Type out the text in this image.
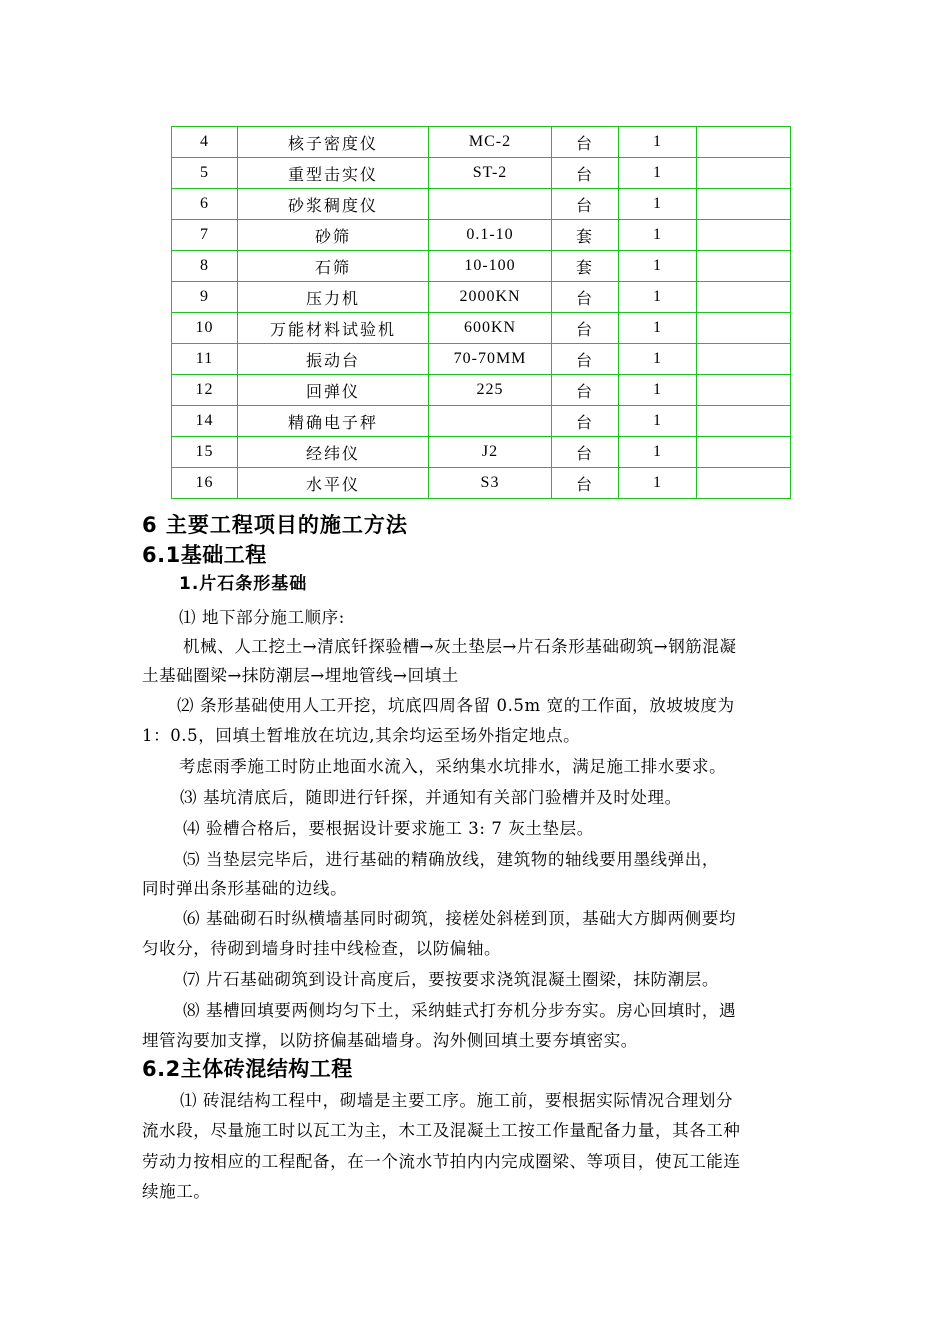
4	核子密度仪	MC-2	台	1	
5	重型击实仪	ST-2	台	1	
6	砂浆稠度仪		台	1	
7	砂筛	0.1-10	套	1	
8	石筛	10-100	套	1	
9	压力机	2000KN	台	1	
10	万能材料试验机	600KN	台	1	
11	振动台	70-70MM	台	1	
12	回弹仪	225	台	1	
14	精确电子秤		台	1	
15	经纬仪	J2	台	1	
16	水平仪	S3	台	1	
6 主要工程项目的施工方法
6.1基础工程
1.片石条形基础
⑴ 地下部分施工顺序:
机械、人工挖土→清底钎探验槽→灰土垫层→片石条形基础砌筑→钢筋混凝
土基础圈梁→抹防潮层→埋地管线→回填土
⑵ 条形基础使用人工开挖，坑底四周各留 0.5m 宽的工作面，放坡坡度为
1：0.5，回填土暂堆放在坑边,其余均运至场外指定地点。
考虑雨季施工时防止地面水流入，采纳集水坑排水，满足施工排水要求。
⑶ 基坑清底后，随即进行钎探，并通知有关部门验槽并及时处理。
⑷ 验槽合格后，要根据设计要求施工 3: 7 灰土垫层。
⑸ 当垫层完毕后，进行基础的精确放线，建筑物的轴线要用墨线弹出，
同时弹出条形基础的边线。
⑹ 基础砌石时纵横墙基同时砌筑，接槎处斜槎到顶，基础大方脚两侧要均
匀收分，待砌到墙身时挂中线检查，以防偏轴。
⑺ 片石基础砌筑到设计高度后，要按要求浇筑混凝土圈梁，抹防潮层。
⑻ 基槽回填要两侧均匀下土，采纳蛙式打夯机分步夯实。房心回填时，遇
埋管沟要加支撑，以防挤偏基础墙身。沟外侧回填土要夯填密实。
6.2主体砖混结构工程
⑴ 砖混结构工程中，砌墙是主要工序。施工前，要根据实际情况合理划分
流水段，尽量施工时以瓦工为主，木工及混凝土工按工作量配备力量，其各工种
劳动力按相应的工程配备，在一个流水节拍内内完成圈梁、等项目，使瓦工能连
续施工。
